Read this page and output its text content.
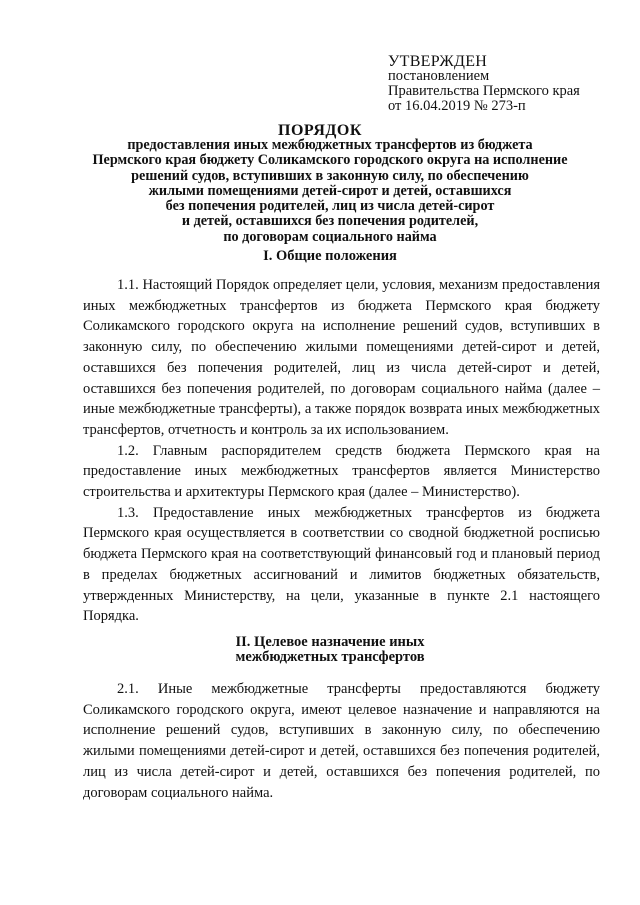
УТВЕРЖДЕН
постановлением
Правительства Пермского края
от 16.04.2019 № 273-п
ПОРЯДОК
предоставления иных межбюджетных трансфертов из бюджета
Пермского края бюджету Соликамского городского округа на исполнение
решений судов, вступивших в законную силу, по обеспечению
жилыми помещениями детей-сирот и детей, оставшихся
без попечения родителей, лиц из числа детей-сирот
и детей, оставшихся без попечения родителей,
по договорам социального найма
I. Общие положения

1.1. Настоящий Порядок определяет цели, условия, механизм предоставления иных межбюджетных трансфертов из бюджета Пермского края бюджету Соликамского городского округа на исполнение решений судов, вступивших в законную силу, по обеспечению жилыми помещениями детей-сирот и детей, оставшихся без попечения родителей, лиц из числа детей-сирот и детей, оставшихся без попечения родителей, по договорам социального найма (далее – иные межбюджетные трансферты), а также порядок возврата иных межбюджетных трансфертов, отчетность и контроль за их использованием.

1.2. Главным распорядителем средств бюджета Пермского края на предоставление иных межбюджетных трансфертов является Министерство строительства и архитектуры Пермского края (далее – Министерство).

1.3. Предоставление иных межбюджетных трансфертов из бюджета Пермского края осуществляется в соответствии со сводной бюджетной росписью бюджета Пермского края на соответствующий финансовый год и плановый период в пределах бюджетных ассигнований и лимитов бюджетных обязательств, утвержденных Министерству, на цели, указанные в пункте 2.1 настоящего Порядка.

II. Целевое назначение иных
межбюджетных трансфертов

2.1. Иные межбюджетные трансферты предоставляются бюджету Соликамского городского округа, имеют целевое назначение и направляются на исполнение решений судов, вступивших в законную силу, по обеспечению жилыми помещениями детей-сирот и детей, оставшихся без попечения родителей, лиц из числа детей-сирот и детей, оставшихся без попечения родителей, по договорам социального найма.
